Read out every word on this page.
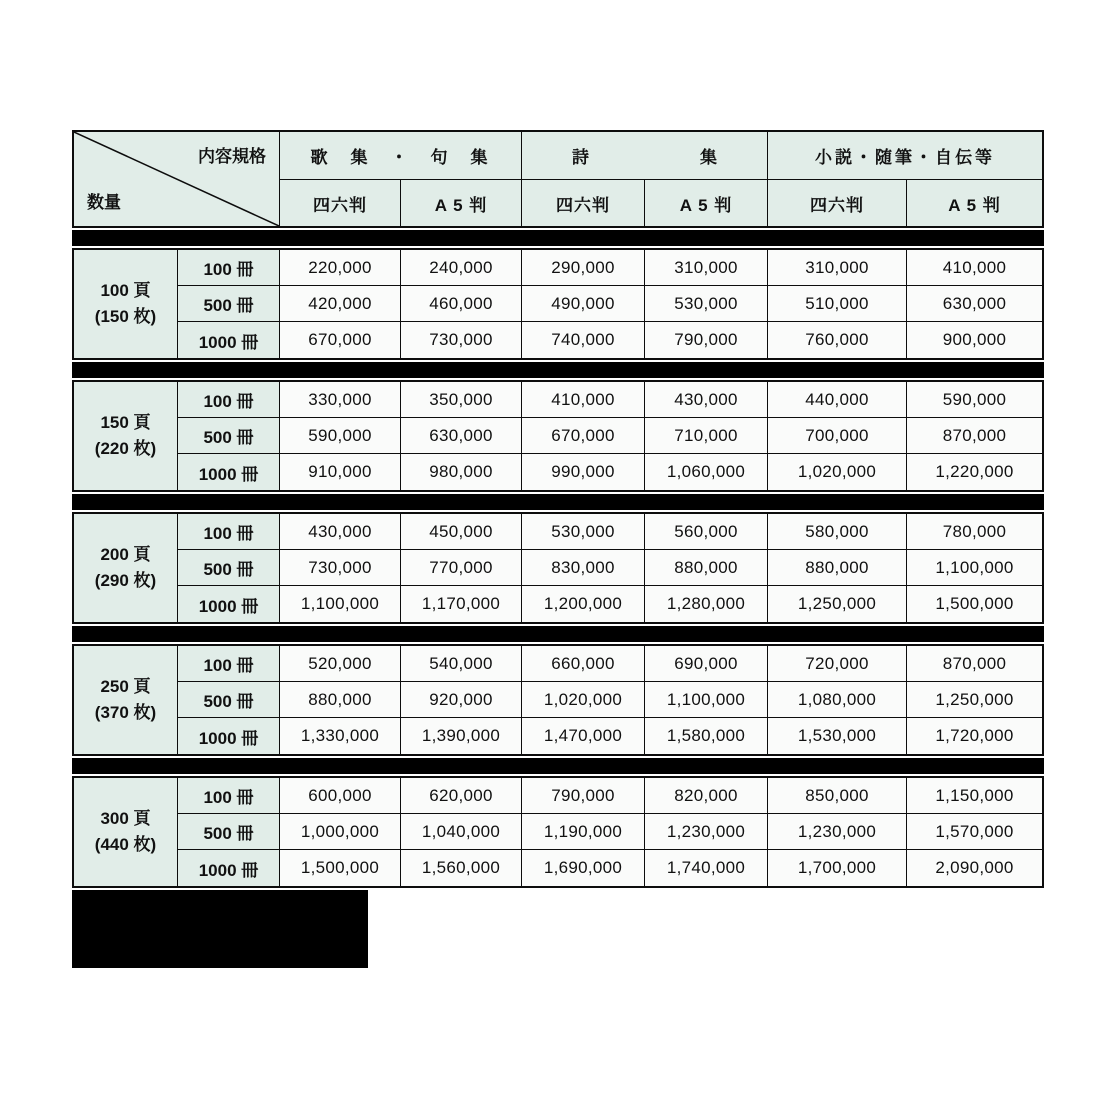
内容規格
数量
歌　集　・　句　集	詩	集	小説・随筆・自伝等
四六判	A 5 判	四六判	A 5 判	四六判	A 5 判
100 頁
(150 枚)
100 冊	220,000	240,000	290,000	310,000	310,000	410,000
500 冊	420,000	460,000	490,000	530,000	510,000	630,000
1000 冊	670,000	730,000	740,000	790,000	760,000	900,000
150 頁
(220 枚)
100 冊	330,000	350,000	410,000	430,000	440,000	590,000
500 冊	590,000	630,000	670,000	710,000	700,000	870,000
1000 冊	910,000	980,000	990,000	1,060,000	1,020,000	1,220,000
200 頁
(290 枚)
100 冊	430,000	450,000	530,000	560,000	580,000	780,000
500 冊	730,000	770,000	830,000	880,000	880,000	1,100,000
1000 冊	1,100,000	1,170,000	1,200,000	1,280,000	1,250,000	1,500,000
250 頁
(370 枚)
100 冊	520,000	540,000	660,000	690,000	720,000	870,000
500 冊	880,000	920,000	1,020,000	1,100,000	1,080,000	1,250,000
1000 冊	1,330,000	1,390,000	1,470,000	1,580,000	1,530,000	1,720,000
300 頁
(440 枚)
100 冊	600,000	620,000	790,000	820,000	850,000	1,150,000
500 冊	1,000,000	1,040,000	1,190,000	1,230,000	1,230,000	1,570,000
1000 冊	1,500,000	1,560,000	1,690,000	1,740,000	1,700,000	2,090,000
